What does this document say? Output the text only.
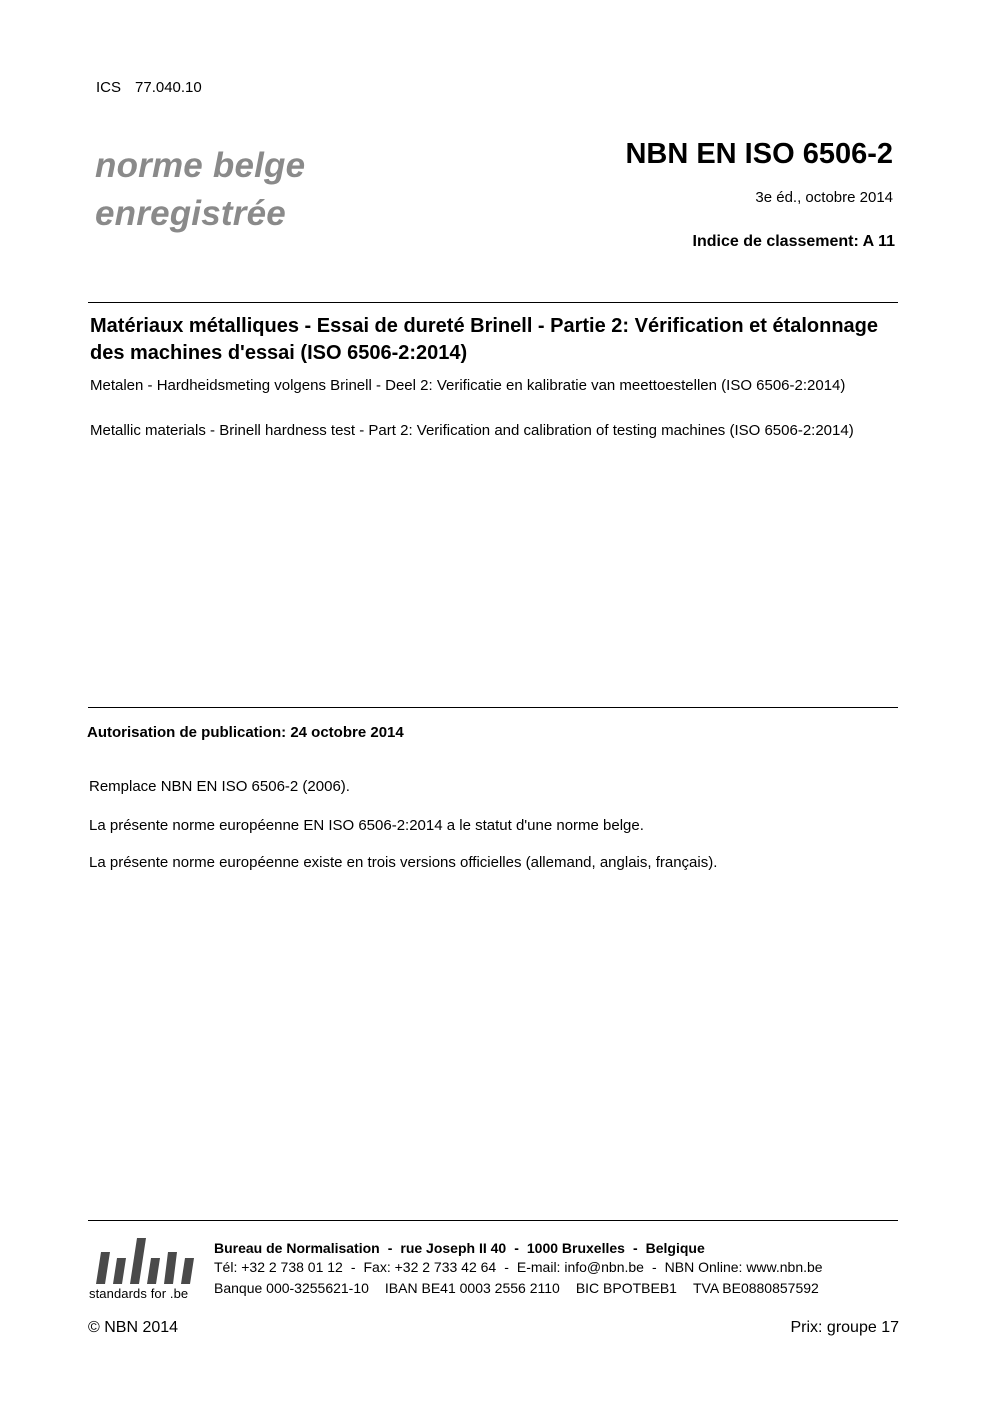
ICS 77.040.10
norme belge
enregistrée
NBN EN ISO 6506-2
3e éd., octobre 2014
Indice de classement: A 11
Matériaux métalliques - Essai de dureté Brinell - Partie 2: Vérification et étalonnage des machines d'essai (ISO 6506-2:2014)
Metalen - Hardheidsmeting volgens Brinell - Deel 2: Verificatie en kalibratie van meettoestellen (ISO 6506-2:2014)
Metallic materials - Brinell hardness test - Part 2: Verification and calibration of testing machines (ISO 6506-2:2014)
Autorisation de publication: 24 octobre 2014
Remplace NBN EN ISO 6506-2 (2006).
La présente norme européenne EN ISO 6506-2:2014 a le statut d'une norme belge.
La présente norme européenne existe en trois versions officielles (allemand, anglais, français).
standards for .be
Bureau de Normalisation - rue Joseph II 40 - 1000 Bruxelles - Belgique
Tél: +32 2 738 01 12 - Fax: +32 2 733 42 64 - E-mail: info@nbn.be - NBN Online: www.nbn.be
Banque 000-3255621-10 IBAN BE41 0003 2556 2110 BIC BPOTBEB1 TVA BE0880857592
© NBN 2014	Prix: groupe 17
